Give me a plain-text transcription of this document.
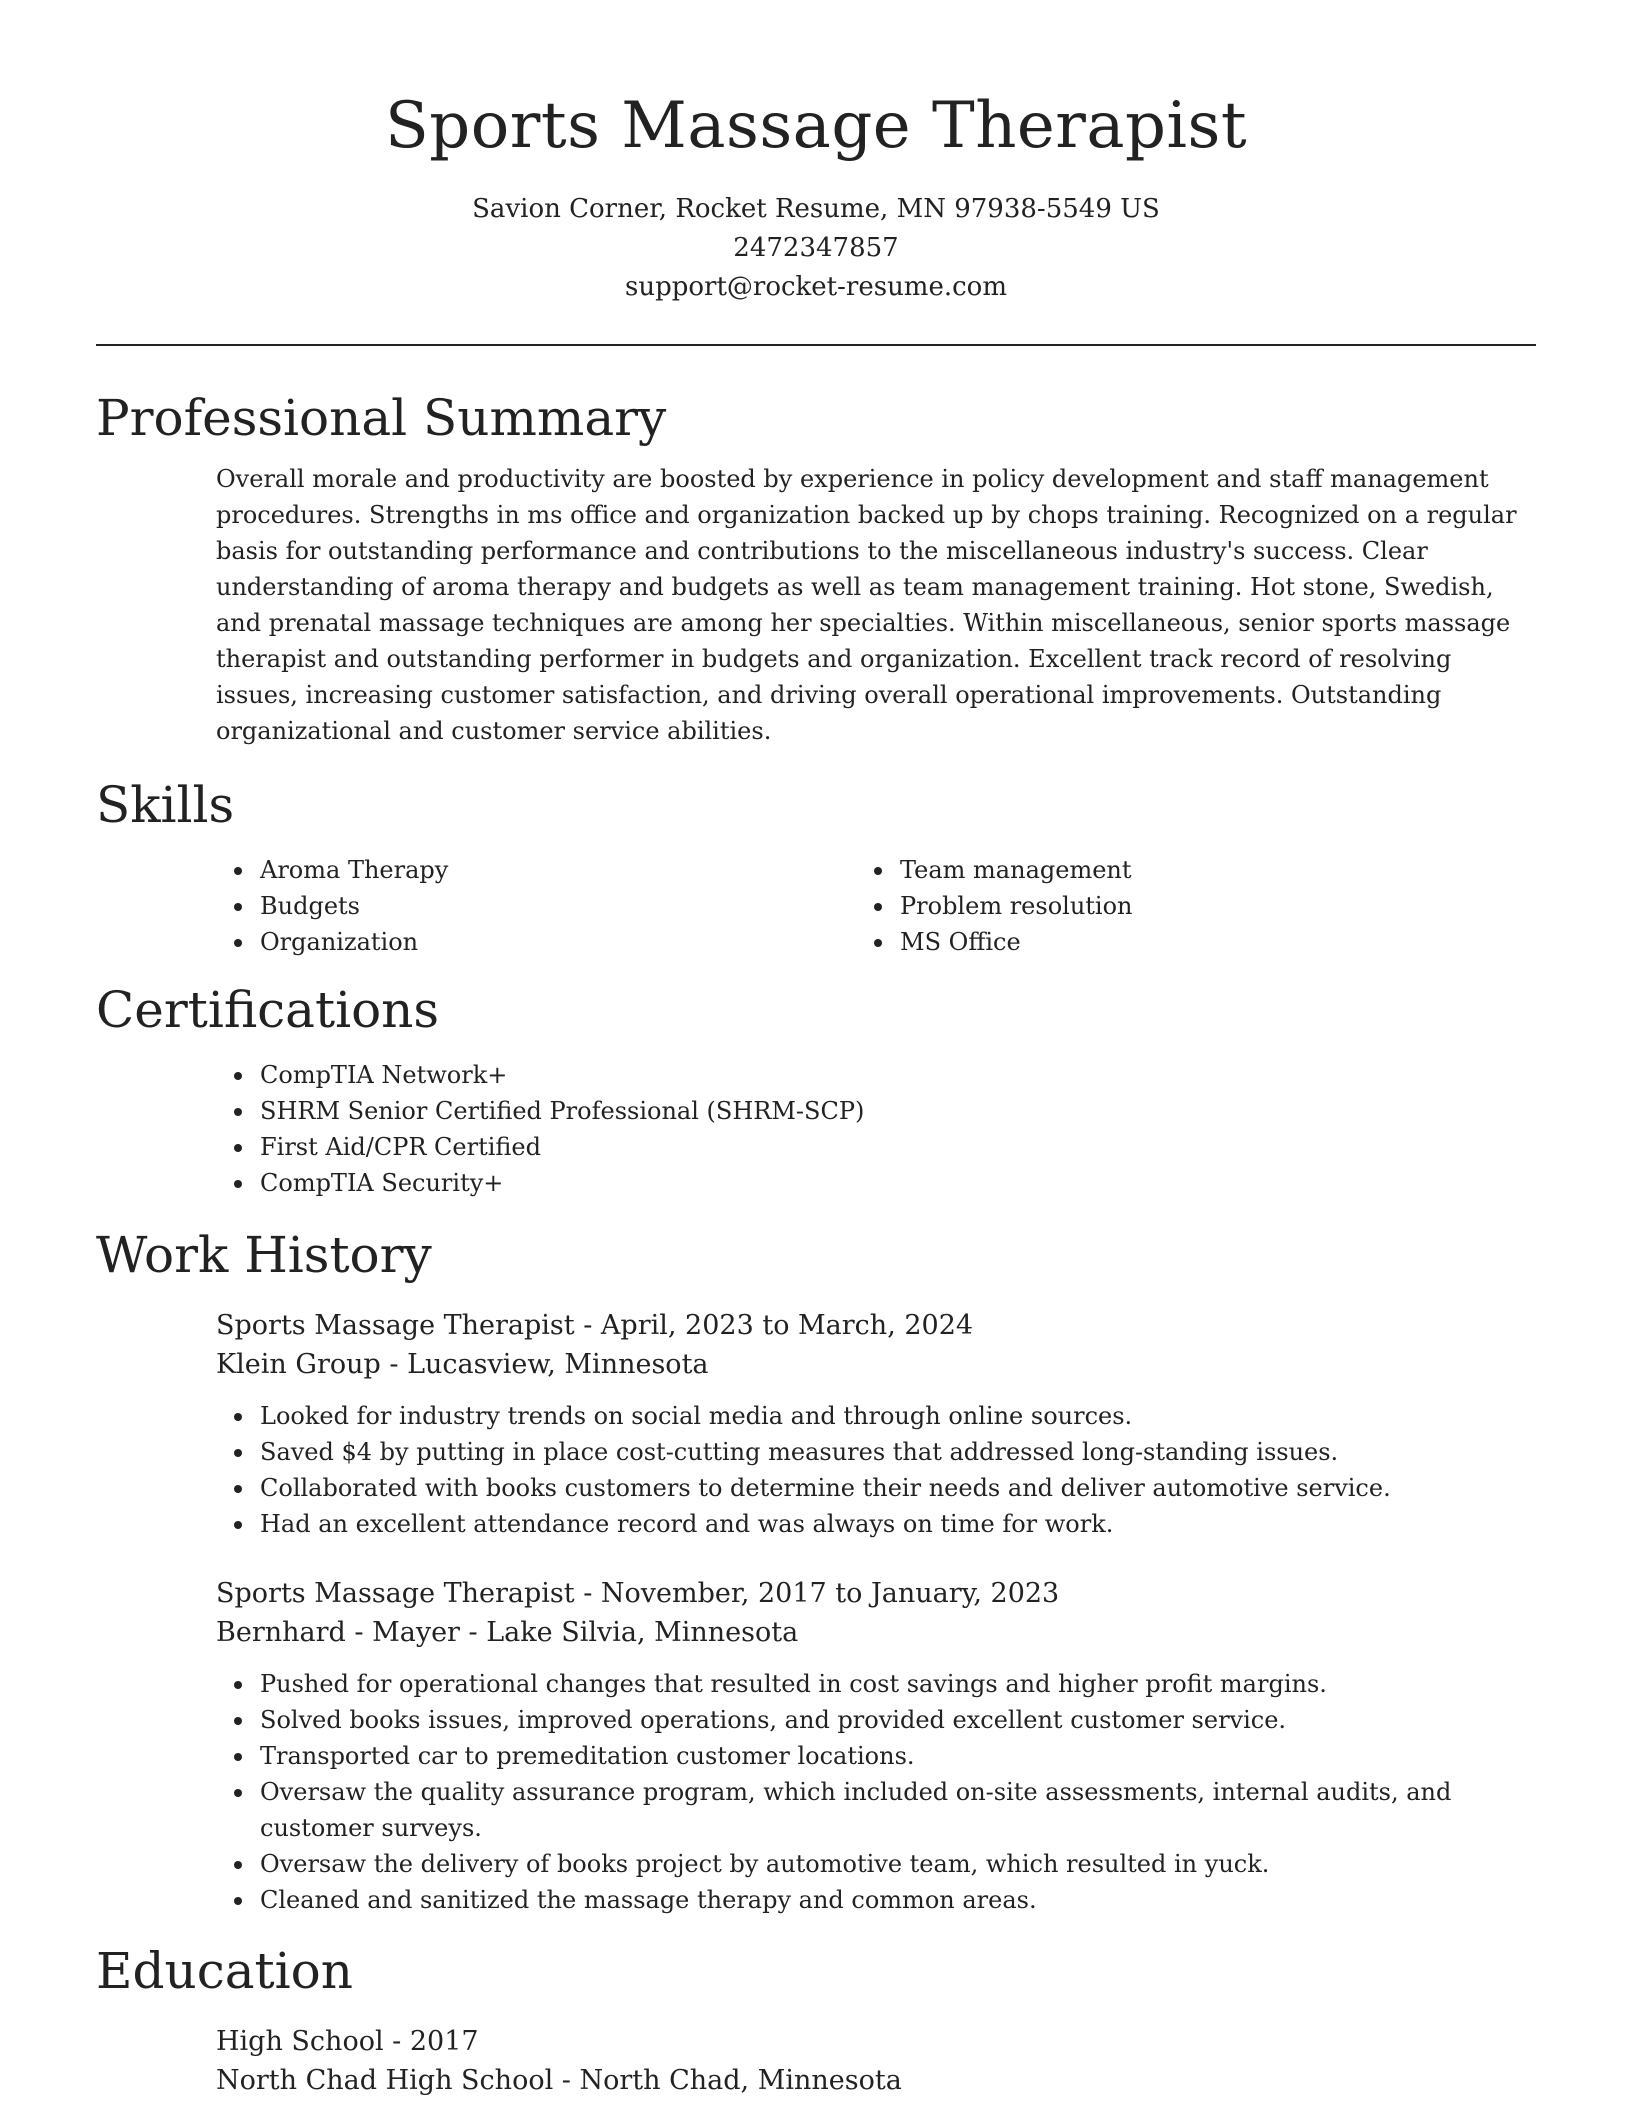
Sports Massage Therapist
Savion Corner, Rocket Resume, MN 97938-5549 US
2472347857
support@rocket-resume.com
Professional Summary

Overall morale and productivity are boosted by experience in policy development and staff management procedures. Strengths in ms office and organization backed up by chops training. Recognized on a regular basis for outstanding performance and contributions to the miscellaneous industry's success. Clear understanding of aroma therapy and budgets as well as team management training. Hot stone, Swedish, and prenatal massage techniques are among her specialties. Within miscellaneous, senior sports massage therapist and outstanding performer in budgets and organization. Excellent track record of resolving issues, increasing customer satisfaction, and driving overall operational improvements. Outstanding organizational and customer service abilities.

Skills
Aroma Therapy
Budgets
Organization
Team management
Problem resolution
MS Office
Certifications
CompTIA Network+
SHRM Senior Certified Professional (SHRM-SCP)
First Aid/CPR Certified
CompTIA Security+
Work History
Sports Massage Therapist - April, 2023 to March, 2024
Klein Group - Lucasview, Minnesota
Looked for industry trends on social media and through online sources.
Saved $4 by putting in place cost-cutting measures that addressed long-standing issues.
Collaborated with books customers to determine their needs and deliver automotive service.
Had an excellent attendance record and was always on time for work.
Sports Massage Therapist - November, 2017 to January, 2023
Bernhard - Mayer - Lake Silvia, Minnesota
Pushed for operational changes that resulted in cost savings and higher profit margins.
Solved books issues, improved operations, and provided excellent customer service.
Transported car to premeditation customer locations.
Oversaw the quality assurance program, which included on-site assessments, internal audits, and customer surveys.
Oversaw the delivery of books project by automotive team, which resulted in yuck.
Cleaned and sanitized the massage therapy and common areas.
Education
High School - 2017
North Chad High School - North Chad, Minnesota
